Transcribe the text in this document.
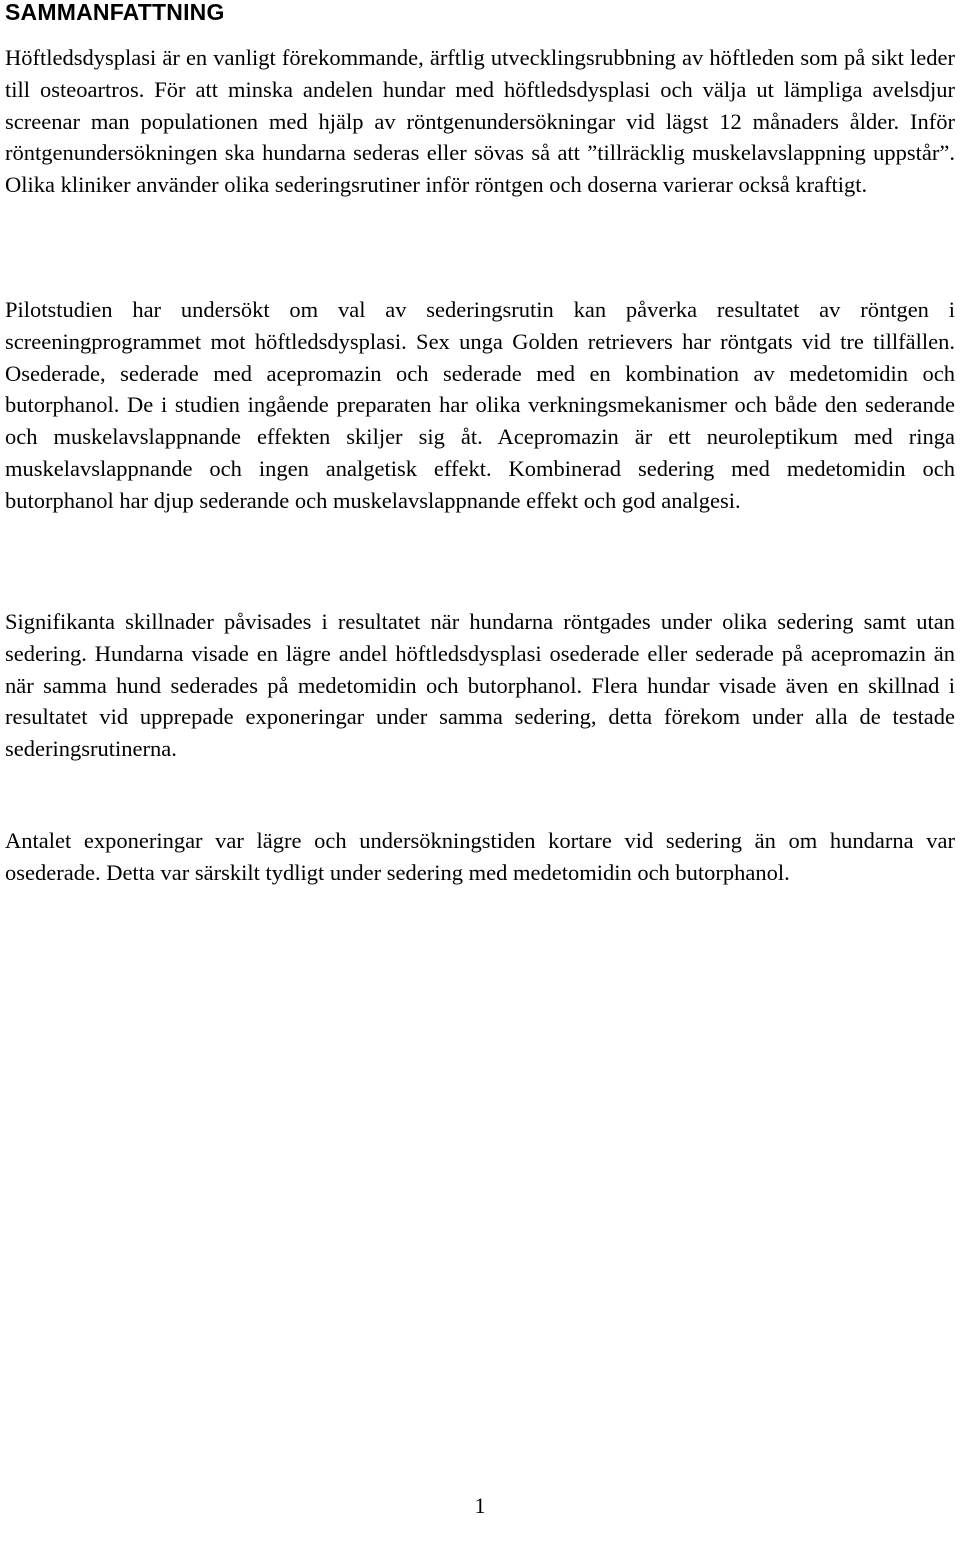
SAMMANFATTNING

Höftledsdysplasi är en vanligt förekommande, ärftlig utvecklingsrubbning av höftleden som på sikt leder till osteoartros. För att minska andelen hundar med höftledsdysplasi och välja ut lämpliga avelsdjur screenar man populationen med hjälp av röntgenundersökningar vid lägst 12 månaders ålder. Inför röntgenundersökningen ska hundarna sederas eller sövas så att ”tillräcklig muskelavslappning uppstår”. Olika kliniker använder olika sederingsrutiner inför röntgen och doserna varierar också kraftigt.

Pilotstudien har undersökt om val av sederingsrutin kan påverka resultatet av röntgen i screeningprogrammet mot höftledsdysplasi. Sex unga Golden retrievers har röntgats vid tre tillfällen. Osederade, sederade med acepromazin och sederade med en kombination av medetomidin och butorphanol. De i studien ingående preparaten har olika verkningsmekanismer och både den sederande och muskelavslappnande effekten skiljer sig åt. Acepromazin är ett neuroleptikum med ringa muskelavslappnande och ingen analgetisk effekt. Kombinerad sedering med medetomidin och butorphanol har djup sederande och muskelavslappnande effekt och god analgesi.

Signifikanta skillnader påvisades i resultatet när hundarna röntgades under olika sedering samt utan sedering. Hundarna visade en lägre andel höftledsdysplasi osederade eller sederade på acepromazin än när samma hund sederades på medetomidin och butorphanol. Flera hundar visade även en skillnad i resultatet vid upprepade exponeringar under samma sedering, detta förekom under alla de testade sederingsrutinerna.

Antalet exponeringar var lägre och undersökningstiden kortare vid sedering än om hundarna var osederade. Detta var särskilt tydligt under sedering med medetomidin och butorphanol.

1
